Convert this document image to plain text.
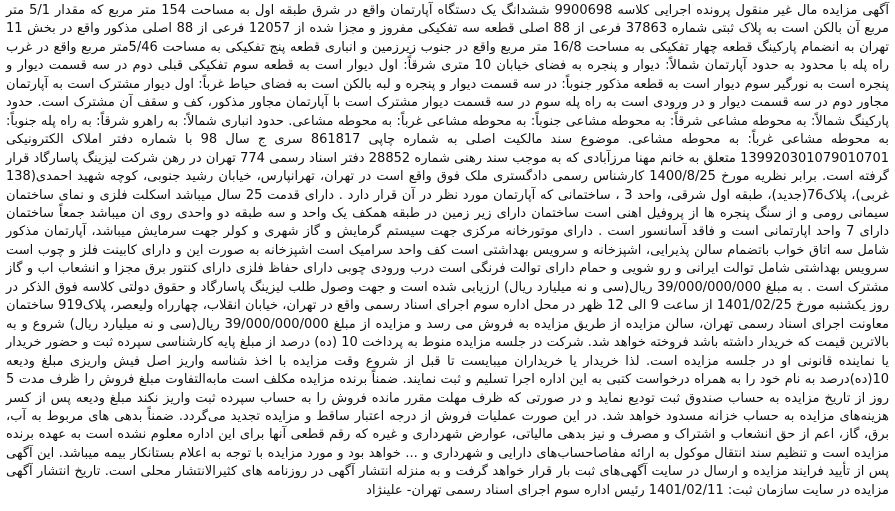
آگهی مزایده مال غیر منقول پرونده اجرایی کلاسه 9900698 ششدانگ یک دستگاه آپارتمان واقع در شرق طبقه اول به مساحت 154 متر مربع که مقدار 5/1 متر مربع آن بالکن است به پلاک ثبتی شماره 37863 فرعی از 88 اصلی قطعه سه تفکیکی مفروز و مجزا شده از 12057 فرعی از 88 اصلی مذکور واقع در بخش 11 تهران به انضمام پارکینگ قطعه چهار تفکیکی به مساحت 16/8 متر مربع واقع در جنوب زیرزمین و انباری قطعه پنج تفکیکی به مساحت 5/46متر مربع واقع در غرب راه پله با محدود به حدود آپارتمان شمالاً: دیوار و پنجره به فضای خیابان 10 متری شرقاً: اول دیوار است به قطعه سوم تفکیکی قبلی دوم در سه قسمت دیوار و پنجره است به نورگیر سوم دیوار است به قطعه مذکور جنوباً: در سه قسمت دیوار و پنجره و لبه بالکن است به فضای حیاط غرباً: اول دیوار مشترک است به آپارتمان مجاور دوم در سه قسمت دیوار و در ورودی است به راه پله سوم در سه قسمت دیوار مشترک است با آپارتمان مجاور مذکور، کف و سقف آن مشترک است. حدود پارکینگ شمالاً: به محوطه مشاعی شرقاً: به محوطه مشاعی جنوباً: به محوطه مشاعی غرباً: به محوطه مشاعی. حدود انباری شمالاً: به راهرو شرقاً: به راه پله جنوباً: به محوطه مشاعی غرباً: به محوطه مشاعی. موضوع سند مالکیت اصلی به شماره چاپی 861817 سری ج سال 98 با شماره دفتر املاک الکترونیکی 139920301079010701 متعلق به خانم مهنا مرزآبادی که به موجب سند رهنی شماره 28852 دفتر اسناد رسمی 774 تهران در رهن شرکت لیزینگ پاسارگاد قرار گرفته است. برابر نظریه مورخ 1400/8/25 کارشناس رسمی دادگستری ملک فوق واقع است در تهران، تهرانپارس، خیابان رشید جنوبی، کوچه شهید احمدی(138 غربی)، پلاک76(جدید)، طبقه اول شرقی، واحد 3 ، ساختمانی که آپارتمان مورد نظر در آن قرار دارد . دارای قدمت 25 سال میباشد اسکلت فلزی و نمای ساختمان سیمانی رومی و از سنگ پنجره ها از پروفیل اهنی است ساختمان دارای زیر زمین در طبقه همکف یک واحد و سه طبقه دو واحدی روی ان میباشد جمعاً ساختمان دارای 7 واحد اپارتمانی است و فاقد آسانسور است . دارای موتورخانه مرکزی جهت سیستم گرمایش و گاز شهری و کولر جهت سرمایش میباشد، آپارتمان مذکور شامل سه اتاق خواب باتضمام سالن پذیرایی، اشپزخانه و سرویس بهداشتی است کف واحد سرامیک است اشپزخانه به صورت این و دارای کابینت فلز و چوب است سرویس بهداشتی شامل توالت ایرانی و رو شویی و حمام دارای توالت فرنگی است درب ورودی چوبی دارای حفاظ فلزی دارای کنتور برق مجزا و انشعاب اب و گاز مشترک است . به مبلغ 39/000/000/000 ریال(سی و نه میلیارد ریال) ارزیابی شده است و جهت وصول طلب لیزینگ پاسارگاد و حقوق دولتی کلاسه فوق الذکر در روز یکشنبه مورخ 1401/02/25 از ساعت 9 الی 12 ظهر در محل اداره سوم اجرای اسناد رسمی واقع در تهران، خیابان انقلاب، چهارراه ولیعصر، پلاک919 ساختمان معاونت اجرای اسناد رسمی تهران، سالن مزایده از طریق مزایده به فروش می رسد و مزایده از مبلغ 39/000/000/000 ریال(سی و نه میلیارد ریال) شروع و به بالاترین قیمت که خریدار داشته باشد فروخته خواهد شد. شرکت در جلسه مزایده منوط به پرداخت 10 (ده) درصد از مبلغ پایه کارشناسی سپرده ثبت و حضور خریدار یا نماینده قانونی او در جلسه مزایده است. لذا خریدار یا خریداران میبایست تا قبل از شروع وقت مزایده با اخذ شناسه واریز اصل فیش واریزی مبلغ ودیعه 10(ده)درصد به نام خود را به همراه درخواست کتبی به این اداره اجرا تسلیم و ثبت نمایند. ضمناً برنده مزایده مکلف است مابه‌التفاوت مبلغ فروش را ظرف مدت 5 روز از تاریخ مزایده به حساب صندوق ثبت تودیع نماید و در صورتی که ظرف مهلت مقرر مانده فروش را به حساب سپرده ثبت واریز نکند مبلغ ودیعه پس از کسر هزینه‌های مزایده به حساب خزانه مسدود خواهد شد. در این صورت عملیات فروش از درجه اعتبار ساقط و مزایده تجدید می‌گردد. ضمناً بدهی های مربوط به آب، برق، گاز، اعم از حق انشعاب و اشتراک و مصرف و نیز بدهی مالیاتی، عوارض شهرداری و غیره که رقم قطعی آنها برای این اداره معلوم نشده است به عهده برنده مزایده است و تنظیم سند انتقال موکول به ارائه مفاصاحساب‌های دارایی و شهرداری و ... خواهد بود و مورد مزایده با توجه به اعلام بستانکار بیمه میباشد. این آگهی پس از تأیید فرایند مزایده و ارسال در سایت آگهی‌های ثبت بار قرار خواهد گرفت و به منزله انتشار آگهی در روزنامه های کثیرالانتشار محلی است. تاریخ انتشار آگهی مزایده در سایت سازمان ثبت: 1401/02/11 رئیس اداره سوم اجرای اسناد رسمی تهران- علینژاد
